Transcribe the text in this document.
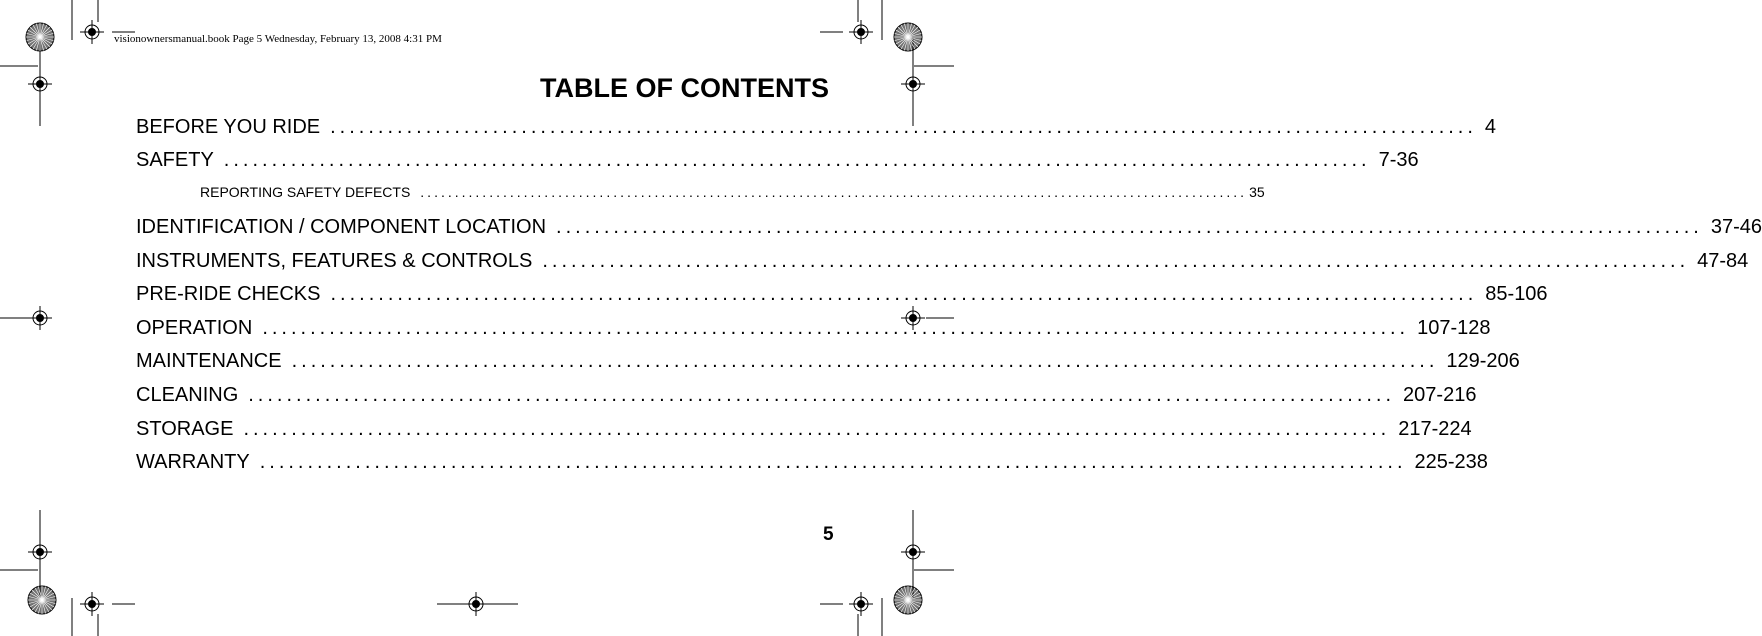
visionownersmanual.book Page 5 Wednesday, February 13, 2008 4:31 PM
TABLE OF CONTENTS
BEFORE YOU RIDE ........................................................................................................................ 4
SAFETY ........................................................................................................................ 7-36
REPORTING SAFETY DEFECTS ........................................................................................................................ 35
IDENTIFICATION / COMPONENT LOCATION ........................................................................................................................ 37-46
INSTRUMENTS, FEATURES & CONTROLS ........................................................................................................................ 47-84
PRE-RIDE CHECKS ........................................................................................................................ 85-106
OPERATION ........................................................................................................................ 107-128
MAINTENANCE ........................................................................................................................ 129-206
CLEANING ........................................................................................................................ 207-216
STORAGE ........................................................................................................................ 217-224
WARRANTY ........................................................................................................................ 225-238
5
